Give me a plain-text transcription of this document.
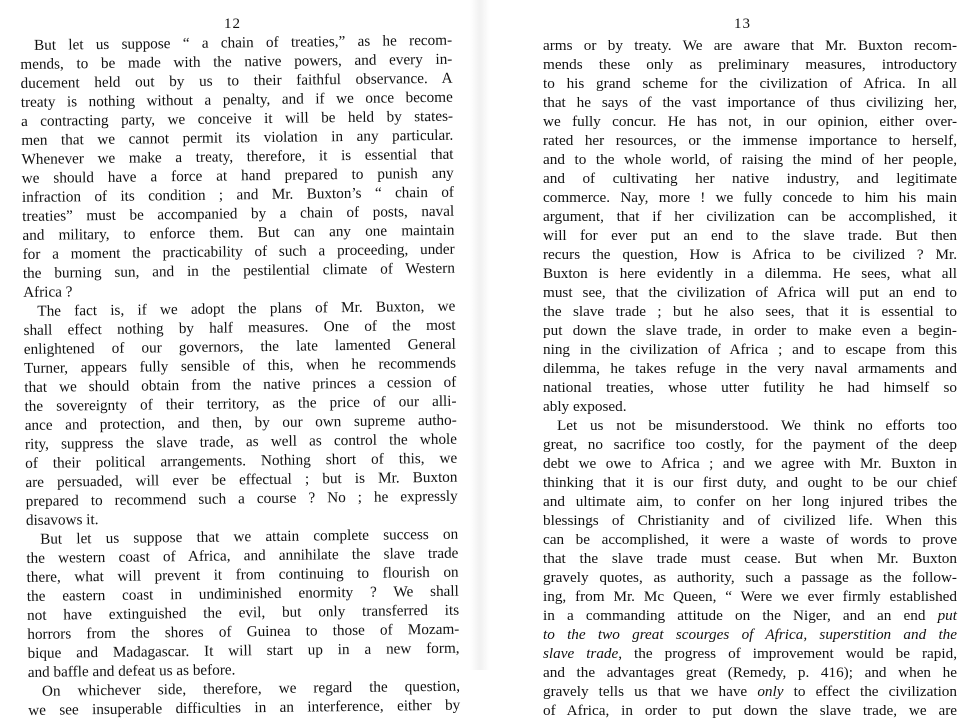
12
But let us suppose “ a chain of treaties,” as he recom-
mends, to be made with the native powers, and every in-
ducement held out by us to their faithful observance. A
treaty is nothing without a penalty, and if we once become
a contracting party, we conceive it will be held by states-
men that we cannot permit its violation in any particular.
Whenever we make a treaty, therefore, it is essential that
we should have a force at hand prepared to punish any
infraction of its condition ; and Mr. Buxton’s “ chain of
treaties” must be accompanied by a chain of posts, naval
and military, to enforce them. But can any one maintain
for a moment the practicability of such a proceeding, under
the burning sun, and in the pestilential climate of Western
Africa ?
The fact is, if we adopt the plans of Mr. Buxton, we
shall effect nothing by half measures. One of the most
enlightened of our governors, the late lamented General
Turner, appears fully sensible of this, when he recommends
that we should obtain from the native princes a cession of
the sovereignty of their territory, as the price of our alli-
ance and protection, and then, by our own supreme autho-
rity, suppress the slave trade, as well as control the whole
of their political arrangements. Nothing short of this, we
are persuaded, will ever be effectual ; but is Mr. Buxton
prepared to recommend such a course ? No ; he expressly
disavows it.
But let us suppose that we attain complete success on
the western coast of Africa, and annihilate the slave trade
there, what will prevent it from continuing to flourish on
the eastern coast in undiminished enormity ? We shall
not have extinguished the evil, but only transferred its
horrors from the shores of Guinea to those of Mozam-
bique and Madagascar. It will start up in a new form,
and baffle and defeat us as before.
On whichever side, therefore, we regard the question,
we see insuperable difficulties in an interference, either by
13
arms or by treaty. We are aware that Mr. Buxton recom-
mends these only as preliminary measures, introductory
to his grand scheme for the civilization of Africa. In all
that he says of the vast importance of thus civilizing her,
we fully concur. He has not, in our opinion, either over-
rated her resources, or the immense importance to herself,
and to the whole world, of raising the mind of her people,
and of cultivating her native industry, and legitimate
commerce. Nay, more ! we fully concede to him his main
argument, that if her civilization can be accomplished, it
will for ever put an end to the slave trade. But then
recurs the question, How is Africa to be civilized ? Mr.
Buxton is here evidently in a dilemma. He sees, what all
must see, that the civilization of Africa will put an end to
the slave trade ; but he also sees, that it is essential to
put down the slave trade, in order to make even a begin-
ning in the civilization of Africa ; and to escape from this
dilemma, he takes refuge in the very naval armaments and
national treaties, whose utter futility he had himself so
ably exposed.
Let us not be misunderstood. We think no efforts too
great, no sacrifice too costly, for the payment of the deep
debt we owe to Africa ; and we agree with Mr. Buxton in
thinking that it is our first duty, and ought to be our chief
and ultimate aim, to confer on her long injured tribes the
blessings of Christianity and of civilized life. When this
can be accomplished, it were a waste of words to prove
that the slave trade must cease. But when Mr. Buxton
gravely quotes, as authority, such a passage as the follow-
ing, from Mr. Mc Queen, “ Were we ever firmly established
in a commanding attitude on the Niger, and an end put
to the two great scourges of Africa, superstition and the
slave trade, the progress of improvement would be rapid,
and the advantages great (Remedy, p. 416); and when he
gravely tells us that we have only to effect the civilization
of Africa, in order to put down the slave trade, we are
